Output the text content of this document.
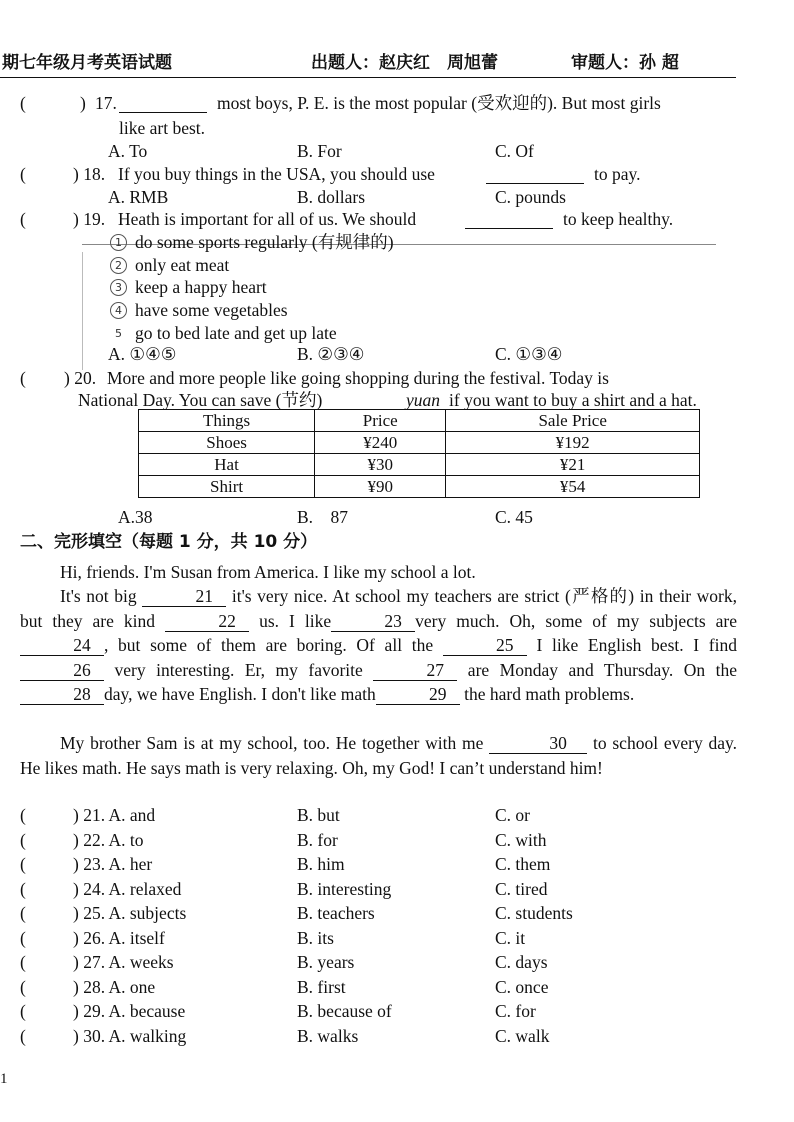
期七年级月考英语试题	出题人：赵庆红　周旭蕾	审题人：孙 超
(	) 17.	most boys, P. E. is the most popular (受欢迎的). But most girls
like art best.
A. To	B. For	C. Of
(	) 18. If you buy things in the USA, you should use	to pay.
A. RMB	B. dollars	C. pounds
(	) 19. Heath is important for all of us. We should	to keep healthy.
1 do some sports regularly (有规律的)
2 only eat meat
3 keep a happy heart
4 have some vegetables
5 go to bed late and get up late
A. ①④⑤	B. ②③④	C. ①③④
( ) 20. More and more people like going shopping during the festival. Today is
National Day. You can save (节约)	yuan if you want to buy a shirt and a hat.
Things	Price	Sale Price
Shoes	¥240	¥192
Hat	¥30	¥21
Shirt	¥90	¥54
A.38	B.    87	C. 45
二、完形填空（每题 1 分，共 10 分）
Hi, friends. I'm Susan from America. I like my school a lot.
It's not big	21 it's very nice. At school my teachers are strict (严格的) in their work, but they are kind	22 us. I like	23 very much. Oh, some of my subjects are 24 , but some of them are boring. Of all the	25 I like English best. I find 26 very interesting. Er, my favorite	27 are Monday and Thursday. On the 28 day, we have English. I don't like math	29 the hard math problems.
My brother Sam is at my school, too. He together with me	30 to school every day. He likes math. He says math is very relaxing. Oh, my God! I can’t understand him!
(	) 21. A. and	B. but	C. or
(	) 22. A. to	B. for	C. with
(	) 23. A. her	B. him	C. them
(	) 24. A. relaxed	B. interesting	C. tired
(	) 25. A. subjects	B. teachers	C. students
(	) 26. A. itself	B. its	C. it
(	) 27. A. weeks	B. years	C. days
(	) 28. A. one	B. first	C. once
(	) 29. A. because	B. because of	C. for
(	) 30. A. walking	B. walks	C. walk
1
